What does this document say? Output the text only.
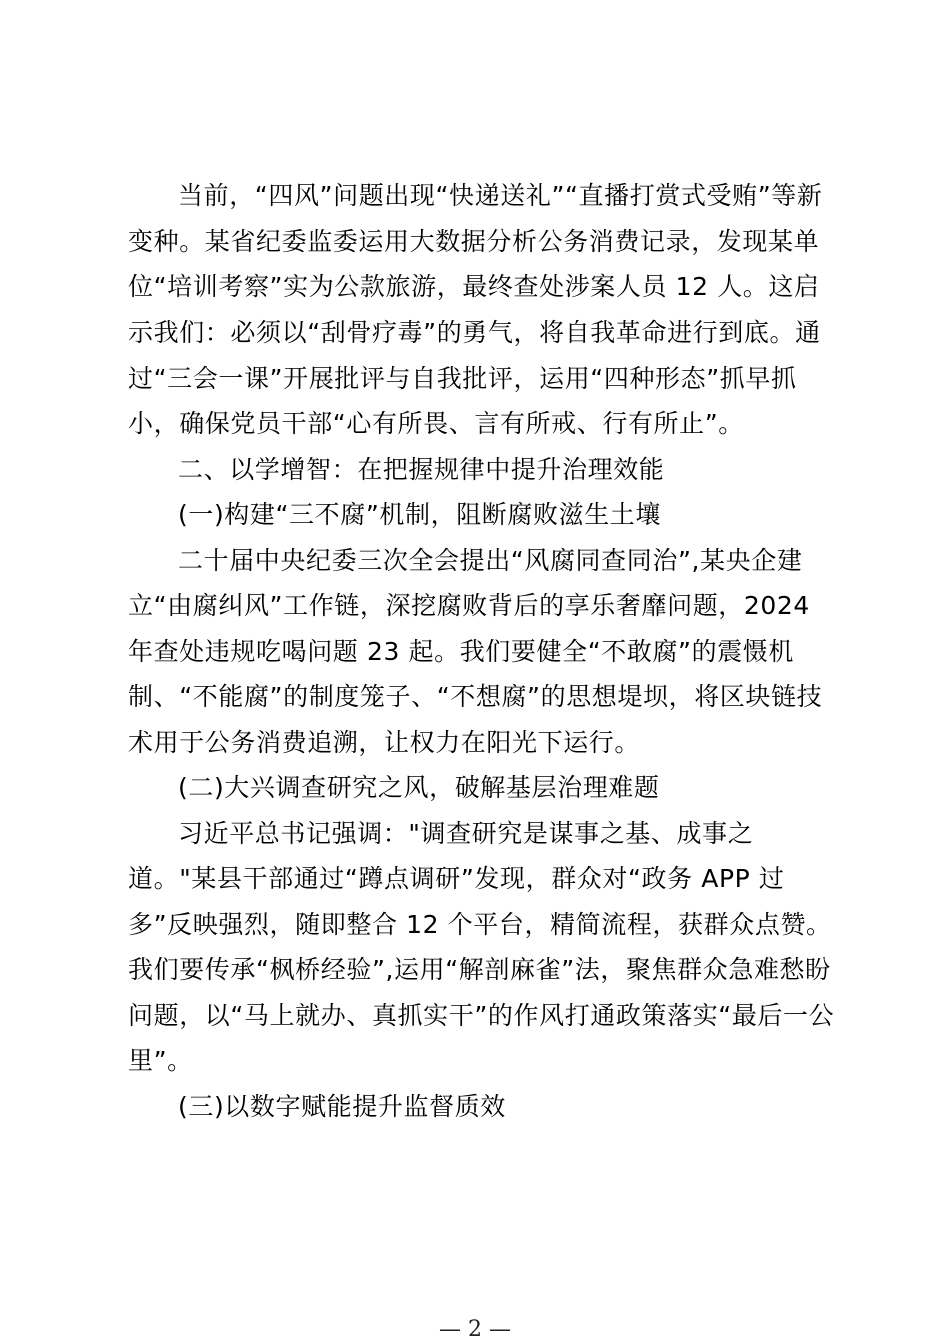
当前，“四风”问题出现“快递送礼”“直播打赏式受贿”等新
变种。某省纪委监委运用大数据分析公务消费记录，发现某单
位“培训考察”实为公款旅游，最终查处涉案人员 12 人。这启
示我们：必须以“刮骨疗毒”的勇气，将自我革命进行到底。通
过“三会一课”开展批评与自我批评，运用“四种形态”抓早抓
小，确保党员干部“心有所畏、言有所戒、行有所止”。
二、以学增智：在把握规律中提升治理效能
(一)构建“三不腐”机制，阻断腐败滋生土壤
二十届中央纪委三次全会提出“风腐同查同治”,某央企建
立“由腐纠风”工作链，深挖腐败背后的享乐奢靡问题，2024
年查处违规吃喝问题 23 起。我们要健全“不敢腐”的震慑机
制、“不能腐”的制度笼子、“不想腐”的思想堤坝，将区块链技
术用于公务消费追溯，让权力在阳光下运行。
(二)大兴调查研究之风，破解基层治理难题
习近平总书记强调："调查研究是谋事之基、成事之
道。"某县干部通过“蹲点调研”发现，群众对“政务 APP 过
多”反映强烈，随即整合 12 个平台，精简流程，获群众点赞。
我们要传承“枫桥经验”,运用“解剖麻雀”法，聚焦群众急难愁盼
问题，以“马上就办、真抓实干”的作风打通政策落实“最后一公
里”。
(三)以数字赋能提升监督质效
— 2 —
